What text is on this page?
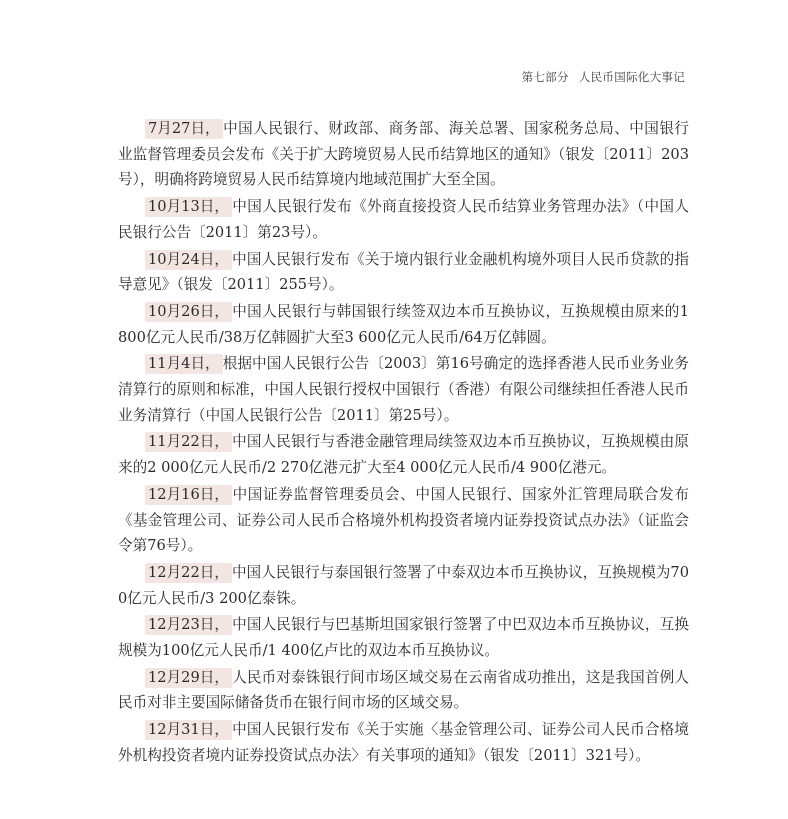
第七部分 人民币国际化大事记

7月27日， 中国人民银行、财政部、商务部、海关总署、国家税务总局、中国银行业监督管理委员会发布《关于扩大跨境贸易人民币结算地区的通知》（银发〔2011〕203号），明确将跨境贸易人民币结算境内地域范围扩大至全国。

10月13日， 中国人民银行发布《外商直接投资人民币结算业务管理办法》（中国人民银行公告〔2011〕第23号）。

10月24日， 中国人民银行发布《关于境内银行业金融机构境外项目人民币贷款的指导意见》（银发〔2011〕255号）。

10月26日， 中国人民银行与韩国银行续签双边本币互换协议，互换规模由原来的1 800亿元人民币/38万亿韩圆扩大至3 600亿元人民币/64万亿韩圆。

11月4日， 根据中国人民银行公告〔2003〕第16号确定的选择香港人民币业务业务清算行的原则和标准，中国人民银行授权中国银行（香港）有限公司继续担任香港人民币业务清算行（中国人民银行公告〔2011〕第25号）。

11月22日， 中国人民银行与香港金融管理局续签双边本币互换协议，互换规模由原来的2 000亿元人民币/2 270亿港元扩大至4 000亿元人民币/4 900亿港元。

12月16日， 中国证券监督管理委员会、中国人民银行、国家外汇管理局联合发布《基金管理公司、证券公司人民币合格境外机构投资者境内证券投资试点办法》（证监会令第76号）。

12月22日， 中国人民银行与泰国银行签署了中泰双边本币互换协议，互换规模为700亿元人民币/3 200亿泰铢。

12月23日， 中国人民银行与巴基斯坦国家银行签署了中巴双边本币互换协议，互换规模为100亿元人民币/1 400亿卢比的双边本币互换协议。

12月29日， 人民币对泰铢银行间市场区域交易在云南省成功推出，这是我国首例人民币对非主要国际储备货币在银行间市场的区域交易。

12月31日， 中国人民银行发布《关于实施〈基金管理公司、证券公司人民币合格境外机构投资者境内证券投资试点办法〉有关事项的通知》（银发〔2011〕321号）。
